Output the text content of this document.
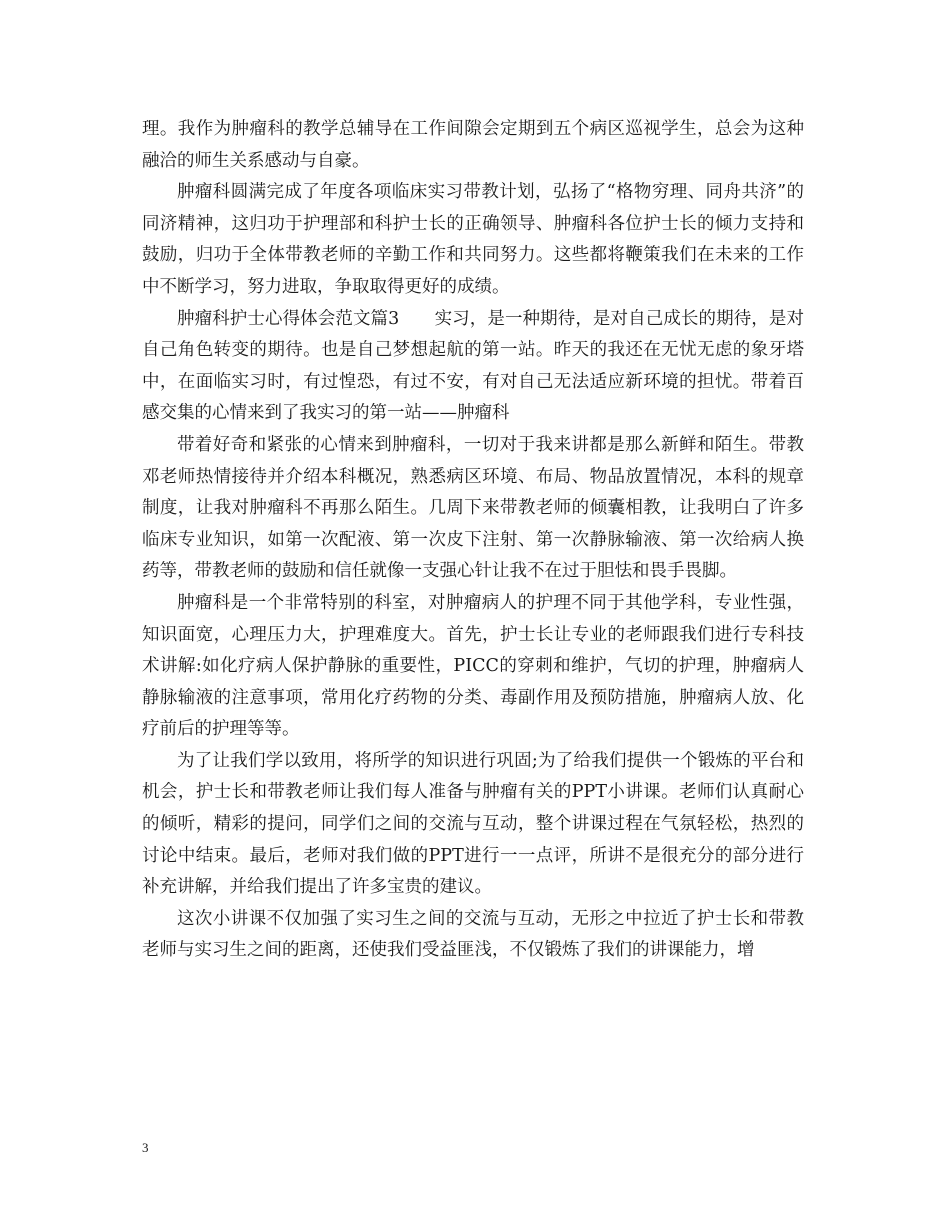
理。我作为肿瘤科的教学总辅导在工作间隙会定期到五个病区巡视学生，总会为这种融洽的师生关系感动与自豪。

肿瘤科圆满完成了年度各项临床实习带教计划，弘扬了“格物穷理、同舟共济”的同济精神，这归功于护理部和科护士长的正确领导、肿瘤科各位护士长的倾力支持和鼓励，归功于全体带教老师的辛勤工作和共同努力。这些都将鞭策我们在未来的工作中不断学习，努力进取，争取取得更好的成绩。

肿瘤科护士心得体会范文篇3　　实习，是一种期待，是对自己成长的期待，是对自己角色转变的期待。也是自己梦想起航的第一站。昨天的我还在无忧无虑的象牙塔中，在面临实习时，有过惶恐，有过不安，有对自己无法适应新环境的担忧。带着百感交集的心情来到了我实习的第一站——肿瘤科

带着好奇和紧张的心情来到肿瘤科，一切对于我来讲都是那么新鲜和陌生。带教邓老师热情接待并介绍本科概况，熟悉病区环境、布局、物品放置情况，本科的规章制度，让我对肿瘤科不再那么陌生。几周下来带教老师的倾囊相教，让我明白了许多临床专业知识，如第一次配液、第一次皮下注射、第一次静脉输液、第一次给病人换药等，带教老师的鼓励和信任就像一支强心针让我不在过于胆怯和畏手畏脚。

肿瘤科是一个非常特别的科室，对肿瘤病人的护理不同于其他学科，专业性强，知识面宽，心理压力大，护理难度大。首先，护士长让专业的老师跟我们进行专科技术讲解:如化疗病人保护静脉的重要性，PICC的穿刺和维护，气切的护理，肿瘤病人静脉输液的注意事项，常用化疗药物的分类、毒副作用及预防措施，肿瘤病人放、化疗前后的护理等等。

为了让我们学以致用，将所学的知识进行巩固;为了给我们提供一个锻炼的平台和机会，护士长和带教老师让我们每人准备与肿瘤有关的PPT小讲课。老师们认真耐心的倾听，精彩的提问，同学们之间的交流与互动，整个讲课过程在气氛轻松，热烈的讨论中结束。最后，老师对我们做的PPT进行一一点评，所讲不是很充分的部分进行补充讲解，并给我们提出了许多宝贵的建议。

这次小讲课不仅加强了实习生之间的交流与互动，无形之中拉近了护士长和带教老师与实习生之间的距离，还使我们受益匪浅，不仅锻炼了我们的讲课能力，增

3
